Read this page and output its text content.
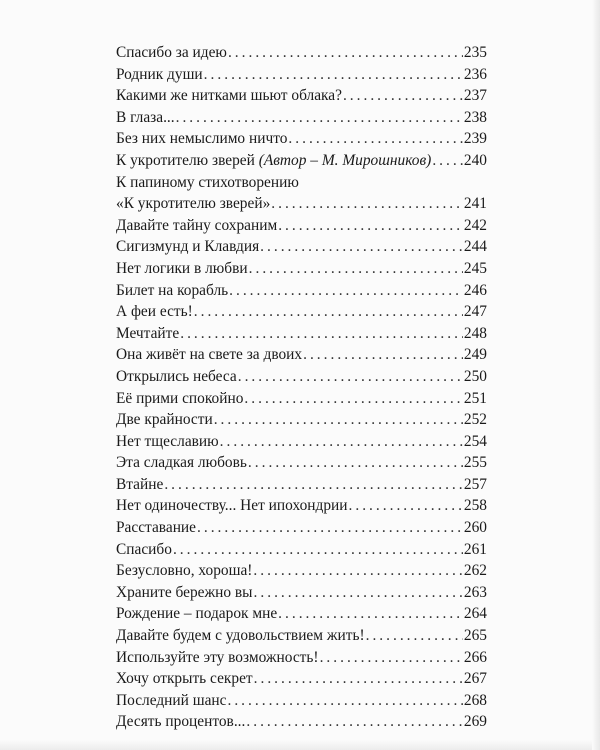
Спасибо за идею .....	235
Родник души .....	236
Какими же нитками шьют облака? .....	237
В глаза... .....	238
Без них немыслимо ничто .....	239
К укротителю зверей (Автор – М. Мирошников) ..... 240
К папиному стихотворению
«К укротителю зверей» .....	241
Давайте тайну сохраним .....	242
Сигизмунд и Клавдия .....	244
Нет логики в любви .....	245
Билет на корабль .....	246
А феи есть! .....	247
Мечтайте .....	248
Она живёт на свете за двоих .....	249
Открылись небеса .....	250
Её прими спокойно .....	251
Две крайности .....	252
Нет тщеславию .....	254
Эта сладкая любовь .....	255
Втайне .....	257
Нет одиночеству... Нет ипохондрии .....	258
Расставание .....	260
Спасибо .....	261
Безусловно, хороша! .....	262
Храните бережно вы .....	263
Рождение – подарок мне .....	264
Давайте будем с удовольствием жить! .....	265
Используйте эту возможность! .....	266
Хочу открыть секрет .....	267
Последний шанс .....	268
Десять процентов... .....	269
